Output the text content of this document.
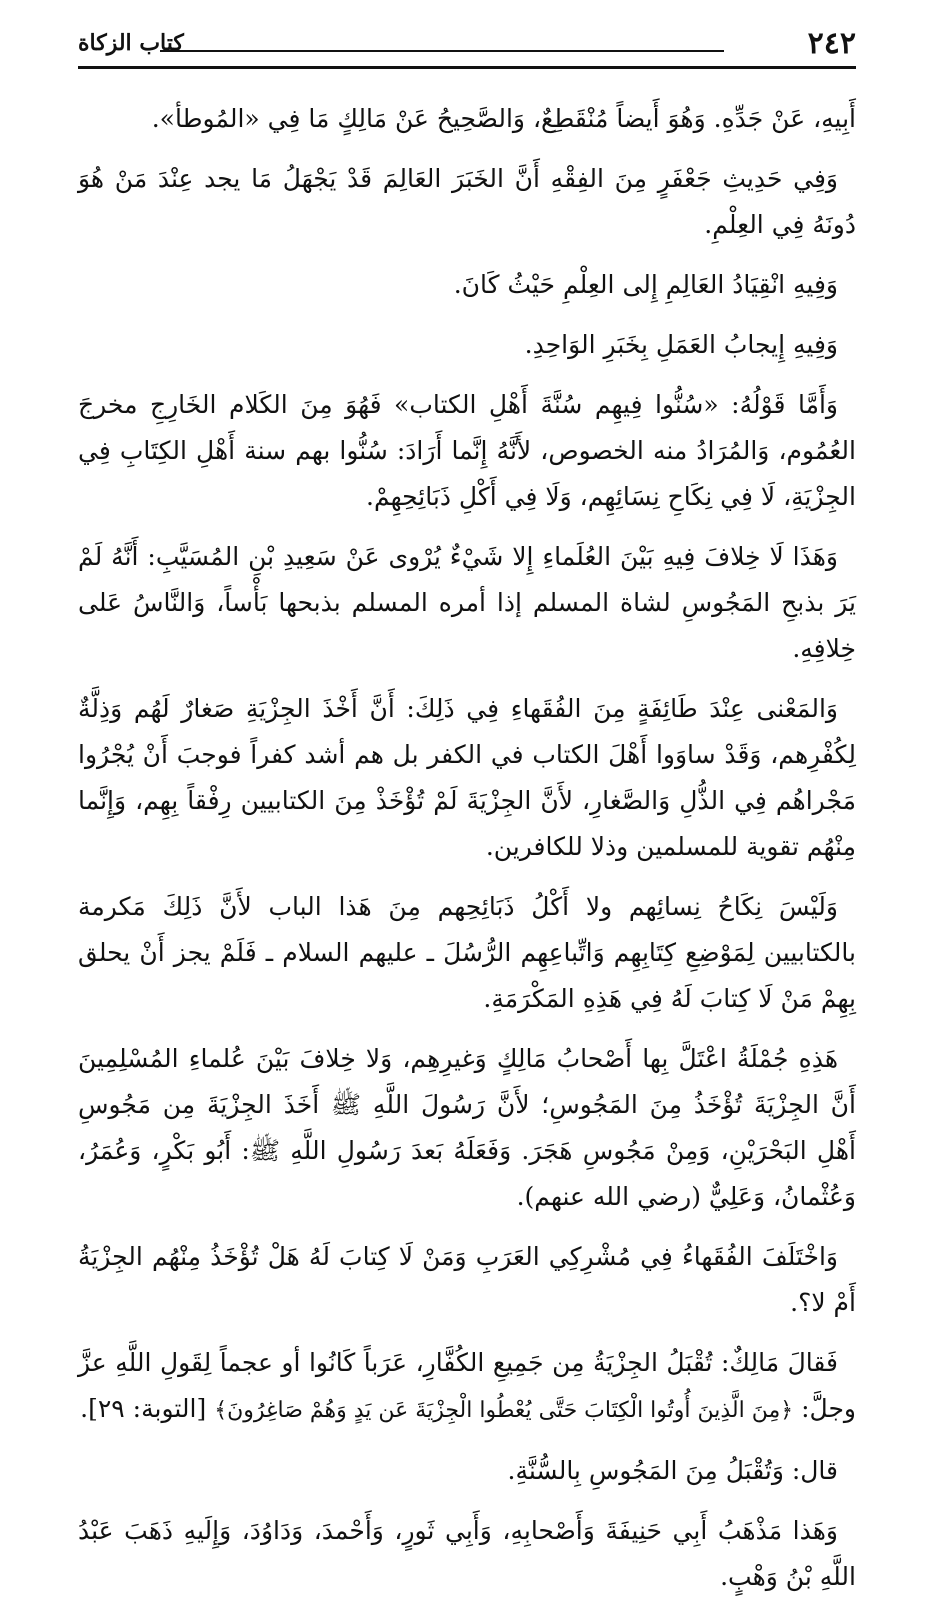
٢٤٢
كتاب الزكاة

أَبِيهِ، عَنْ جَدِّهِ. وَهُوَ أَيضاً مُنْقَطِعٌ، وَالصَّحِيحُ عَنْ مَالِكٍ مَا فِي «المُوطأ».

وَفِي حَدِيثِ جَعْفَرٍ مِنَ الفِقْهِ أَنَّ الخَبَرَ العَالِمَ قَدْ يَجْهَلُ مَا يجد عِنْدَ مَنْ هُوَ دُونَهُ فِي العِلْمِ.

وَفِيهِ انْقِيَادُ العَالِمِ إِلى العِلْمِ حَيْثُ كَانَ.

وَفِيهِ إِيجابُ العَمَلِ بِخَبَرِ الوَاحِدِ.

وَأَمَّا قَوْلُهُ: «سُنُّوا فِيهِم سُنَّةَ أَهْلِ الكتاب» فَهُوَ مِنَ الكَلام الخَارِجِ مخرجَ العُمُوم، وَالمُرَادُ منه الخصوص، لأَنَّهُ إِنَّما أَرَادَ: سُنُّوا بهم سنة أَهْلِ الكِتَابِ فِي الجِزْيَةِ، لَا فِي نِكَاحِ نِسَائِهِم، وَلَا فِي أَكْلِ ذَبَائِحِهِمْ.

وَهَذَا لَا خِلافَ فِيهِ بَيْنَ العُلَماءِ إِلا شَيْءٌ يُرْوى عَنْ سَعِيدِ بْنِ المُسَيَّبِ: أَنَّهُ لَمْ يَرَ بذبحِ المَجُوسِ لشاة المسلم إذا أمره المسلم بذبحها بَأْساً، وَالنَّاسُ عَلى خِلافِهِ.

وَالمَعْنى عِنْدَ طَائِفَةٍ مِنَ الفُقَهاءِ فِي ذَلِكَ: أَنَّ أَخْذَ الجِزْيَةِ صَغارٌ لَهُم وَذِلَّةٌ لِكُفْرِهم، وَقَدْ ساوَوا أَهْلَ الكتاب في الكفر بل هم أشد كفراً فوجبَ أَنْ يُجْرُوا مَجْراهُم فِي الذُّلِ وَالصَّغارِ، لأَنَّ الجِزْيَةَ لَمْ تُؤْخَذْ مِنَ الكتابيين رِفْقاً بِهِم، وَإِنَّما مِنْهُم تقوية للمسلمين وذلا للكافرين.

وَلَيْسَ نِكَاحُ نِسائِهم ولا أَكْلُ ذَبَائِحِهم مِنَ هَذا الباب لأَنَّ ذَلِكَ مَكرمة بالكتابيين لِمَوْضِعِ كِتَابِهِم وَاتِّباعِهِم الرُّسُلَ ـ عليهم السلام ـ فَلَمْ يجز أَنْ يحلق بِهِمْ مَنْ لَا كِتابَ لَهُ فِي هَذِهِ المَكْرَمَةِ.

هَذِهِ جُمْلَةُ اعْتَلَّ بِها أَصْحابُ مَالِكٍ وَغيرِهِم، وَلا خِلافَ بَيْنَ عُلماءِ المُسْلِمِينَ أَنَّ الجِزْيَةَ تُؤْخَذُ مِنَ المَجُوسِ؛ لأَنَّ رَسُولَ اللَّهِ ﷺ أَخَذَ الجِزْيَةَ مِن مَجُوسِ أَهْلِ البَحْرَيْنِ، وَمِنْ مَجُوسِ هَجَرَ. وَفَعَلَهُ بَعدَ رَسُولِ اللَّهِ ﷺ: أَبُو بَكْرٍ، وَعُمَرُ، وَعُثْمانُ، وَعَلِيٌّ (رضي الله عنهم).

وَاخْتَلَفَ الفُقَهاءُ فِي مُشْرِكِي العَرَبِ وَمَنْ لَا كِتابَ لَهُ هَلْ تُؤْخَذُ مِنْهُم الجِزْيَةُ أَمْ لا؟.

فَقالَ مَالِكٌ: تُقْبَلُ الجِزْيَةُ مِن جَمِيعِ الكُفَّارِ، عَرَباً كَانُوا أو عجماً لِقَولِ اللَّهِ عزَّ وجلَّ: ﴿مِنَ الَّذِينَ أُوتُوا الْكِتَابَ حَتَّى يُعْطُوا الْجِزْيَةَ عَن يَدٍ وَهُمْ صَاغِرُونَ﴾ [التوبة: ٢٩].

قال: وَتُقْبَلُ مِنَ المَجُوسِ بِالسُّنَّةِ.

وَهَذا مَذْهَبُ أَبِي حَنِيفَةَ وَأَصْحابِهِ، وَأَبِي ثَورٍ، وَأَحْمدَ، وَدَاوُدَ، وَإِلَيهِ ذَهَبَ عَبْدُ اللَّهِ بْنُ وَهْبٍ.
